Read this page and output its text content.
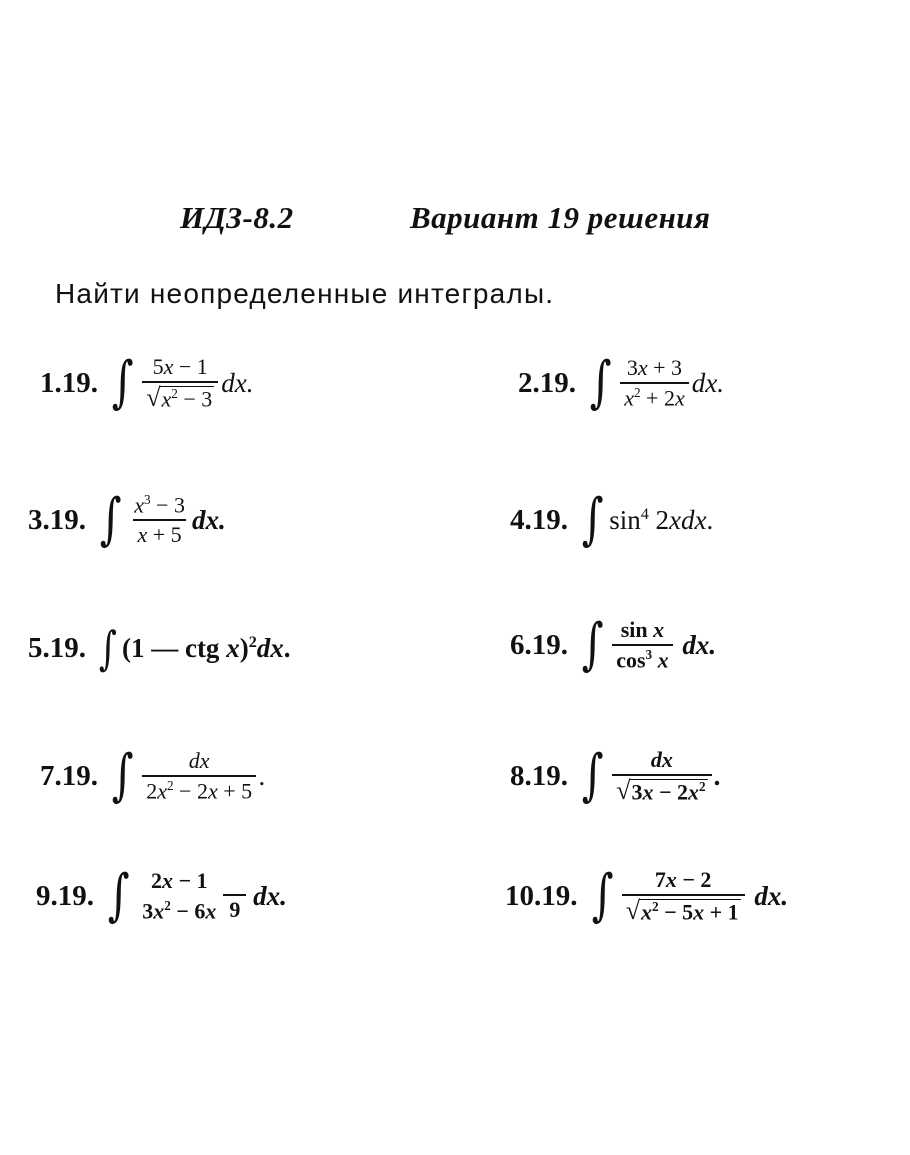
ИДЗ-8.2	Вариант 19 решения
Найти неопределенные интегралы.
1.19. ∫ $\frac{5x - 1}{√ x^2 - 3}$ dx.	2.19. ∫ $\frac{3x + 3}{x^2 + 2x}$ dx.
3.19. ∫ $\frac{x^3 - 3}{x + 5}$ dx.	4.19. ∫ $\sin^4 2xdx$.
5.19. ∫ (1 — ctg x)$^2$dx.	6.19. ∫ $\frac{\text{sin x}}{\cos^3 x}$ dx.
7.19. ∫ $\frac{dx}{2x^2 - 2x + 5}$ .	8.19. ∫ $\frac{dx}{√ 3x - 2x^2}$ .
9.19. ∫ 2x − 1
$3x^2 - 6x$ 9 dx.	10.19. ∫ $\frac{7x - 2}{√ x^2 - 5x + 1}$ dx.
